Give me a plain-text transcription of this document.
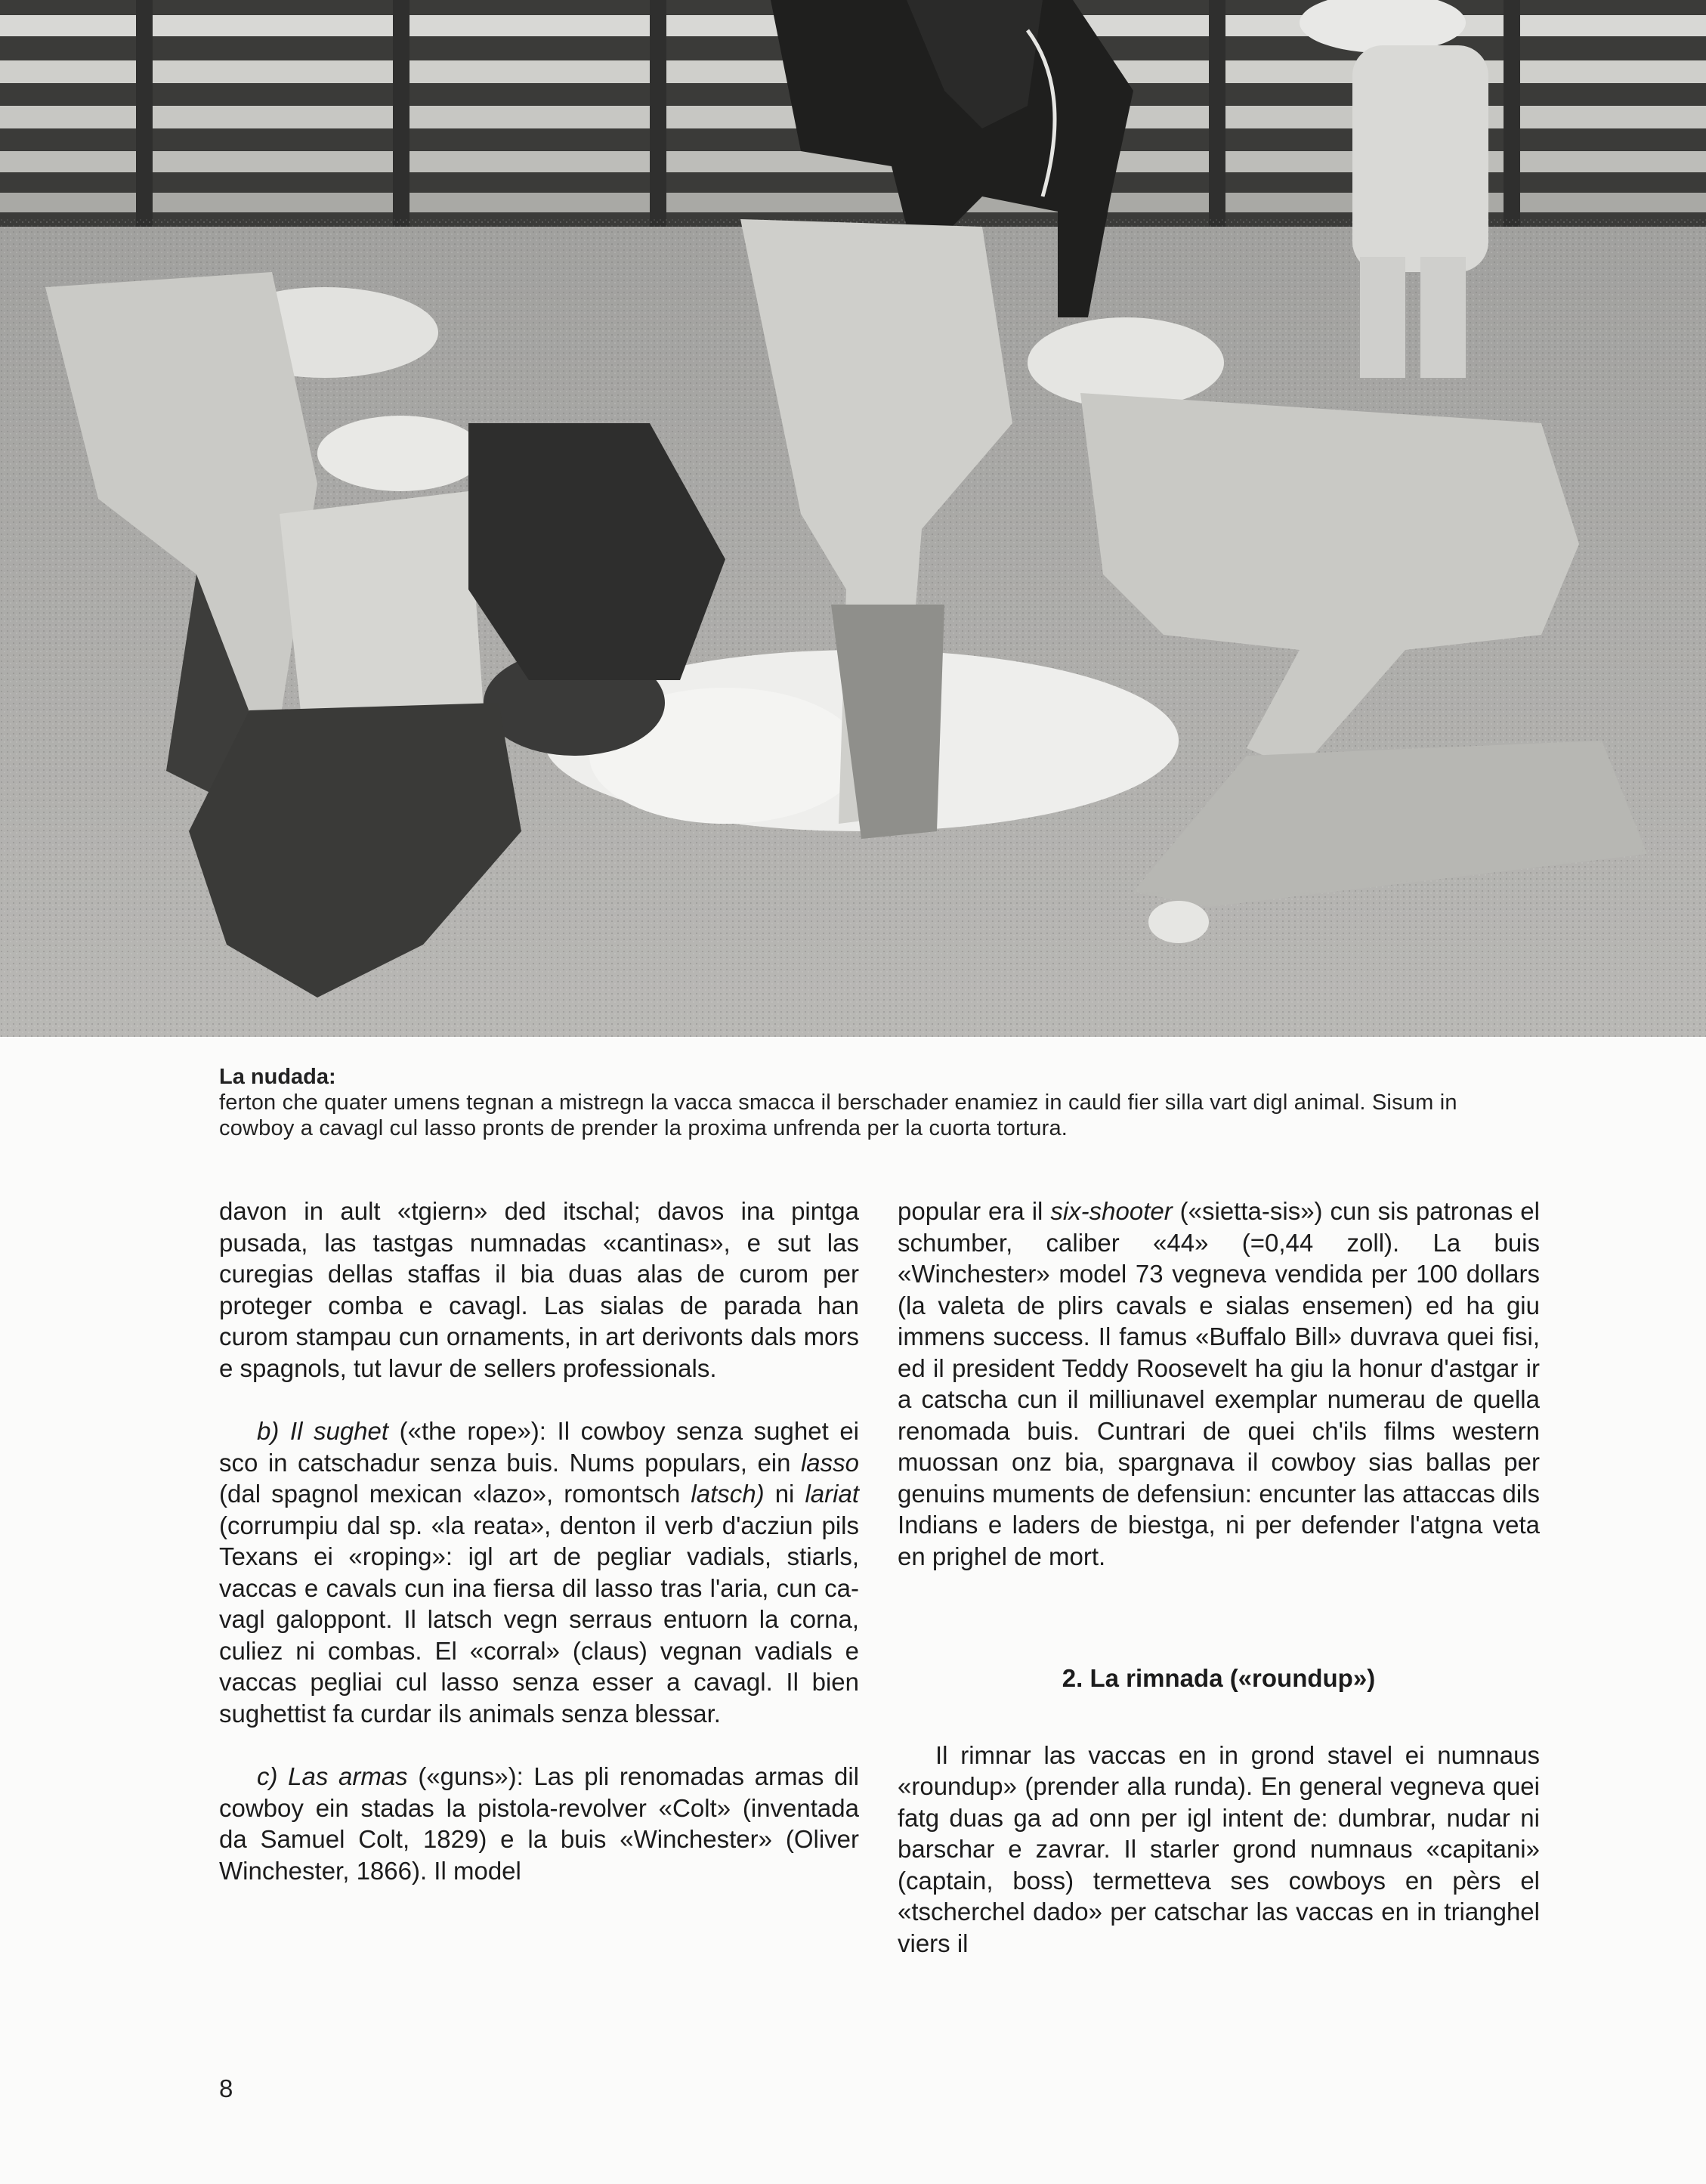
La nudada:
ferton che quater umens tegnan a mistregn la vacca smacca il berschader enamiez in cauld fier silla vart digl animal. Sisum in cowboy a cavagl cul lasso pronts de prender la proxima unfrenda per la cuorta tortura.

davon in ault «tgiern» ded itschal; davos ina pintga pusada, las tastgas numnadas «cantinas», e sut las curegias dellas staffas il bia duas alas de curom per proteger comba e cavagl. Las sialas de parada han curom stampau cun ornaments, in art derivonts dals mors e spagnols, tut lavur de sellers professionals.

b) Il sughet («the rope»): Il cowboy senza sughet ei sco in catschadur senza buis. Nums populars, ein lasso (dal spagnol mexican «lazo», romontsch latsch) ni lariat (corrumpiu dal sp. «la reata», denton il verb d'acziun pils Texans ei «roping»: igl art de pegliar vadials, stiarls, vaccas e cavals cun ina fiersa dil lasso tras l'aria, cun cavagl galoppont. Il latsch vegn serraus entuorn la corna, culiez ni combas. El «corral» (claus) vegnan vadials e vaccas pegliai cul lasso senza esser a cavagl. Il bien sughettist fa curdar ils animals senza blessar.

c) Las armas («guns»): Las pli renomadas armas dil cowboy ein stadas la pistola-revolver «Colt» (inventada da Samuel Colt, 1829) e la buis «Winchester» (Oliver Winchester, 1866). Il model

popular era il six-shooter («sietta-sis») cun sis patronas el schumber, caliber «44» (=0,44 zoll). La buis «Winchester» model 73 vegneva vendida per 100 dollars (la valeta de plirs cavals e sialas ensemen) ed ha giu immens success. Il famus «Buffalo Bill» duvrava quei fisi, ed il president Teddy Roosevelt ha giu la honur d'astgar ir a catscha cun il milliunavel exemplar numerau de quella renomada buis. Cuntrari de quei ch'ils films western muossan onz bia, spargnava il cowboy sias ballas per genuins muments de defensiun: encunter las attaccas dils Indians e laders de biestga, ni per defender l'atgna veta en prighel de mort.

2. La rimnada («roundup»)

Il rimnar las vaccas en in grond stavel ei numnaus «roundup» (prender alla runda). En general vegneva quei fatg duas ga ad onn per igl intent de: dumbrar, nudar ni barschar e zavrar. Il starler grond numnaus «capitani» (captain, boss) termetteva ses cowboys en pèrs el «tscherchel dado» per catschar las vaccas en in trianghel viers il

8
